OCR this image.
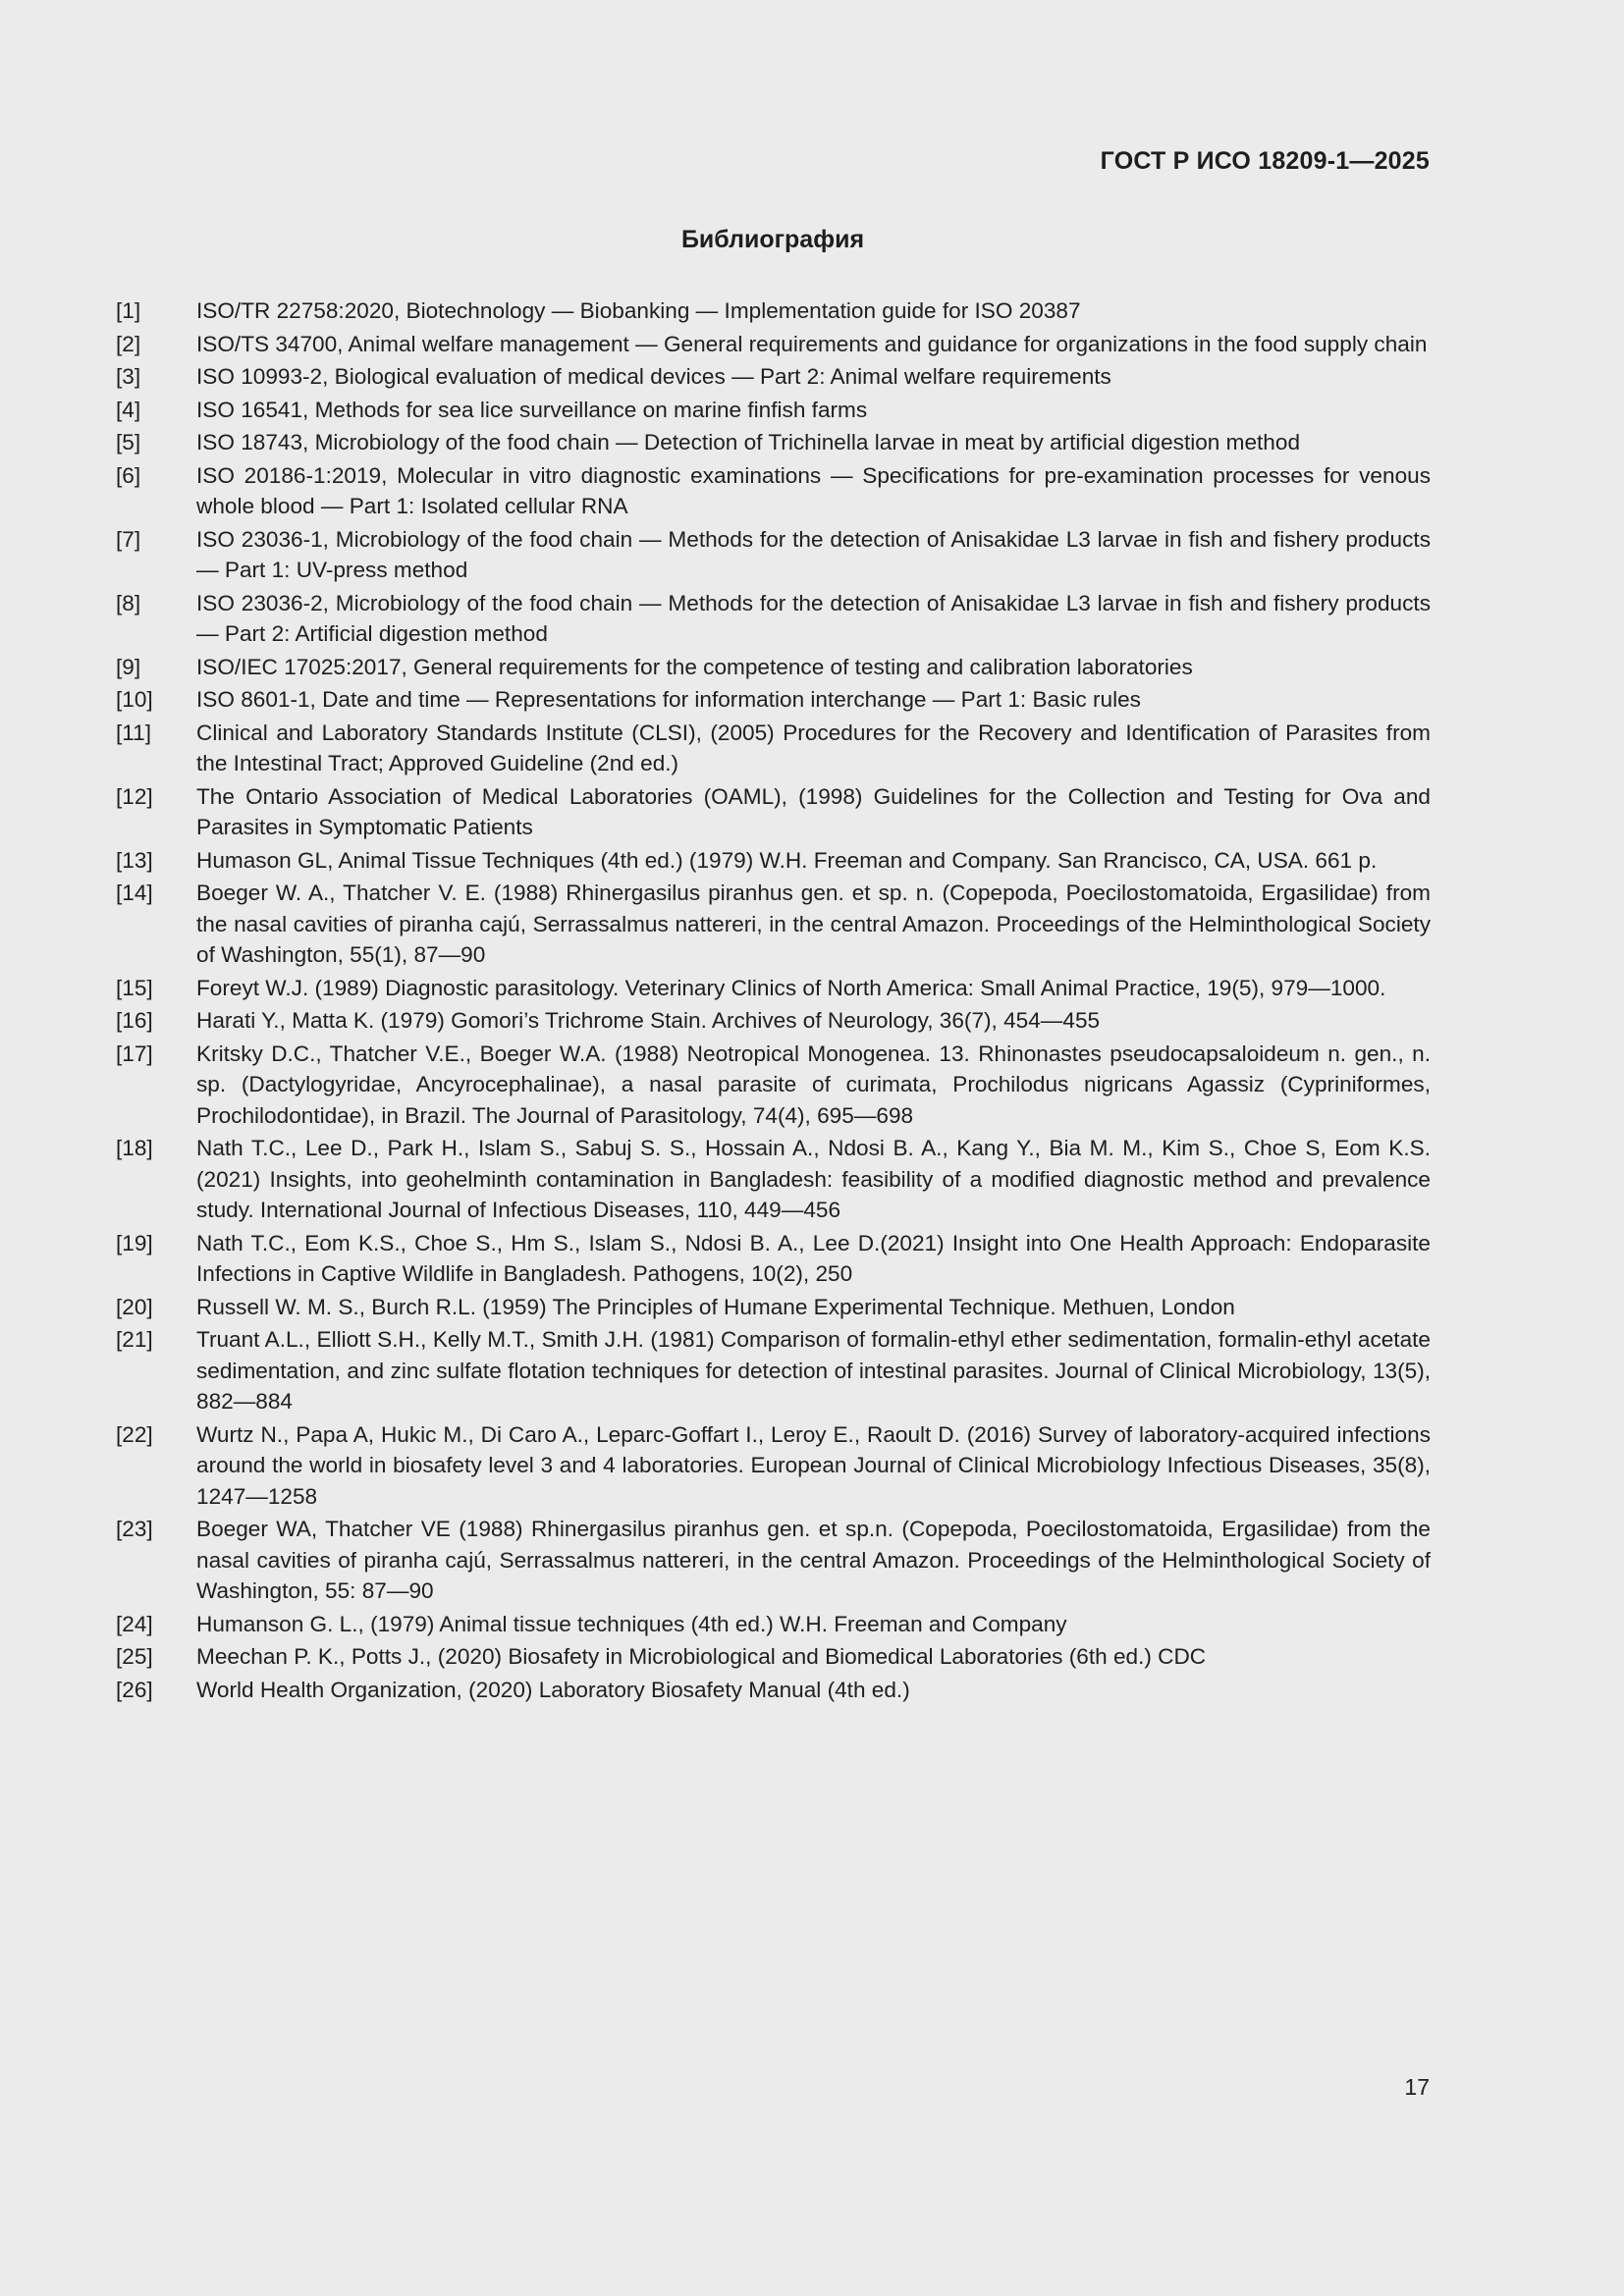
ГОСТ Р ИСО 18209-1—2025
Библиография
[1]	ISO/TR 22758:2020, Biotechnology — Biobanking — Implementation guide for ISO 20387
[2]	ISO/TS 34700, Animal welfare management — General requirements and guidance for organizations in the food supply chain
[3]	ISO 10993-2, Biological evaluation of medical devices — Part 2: Animal welfare requirements
[4]	ISO 16541, Methods for sea lice surveillance on marine finfish farms
[5]	ISO 18743, Microbiology of the food chain — Detection of Trichinella larvae in meat by artificial digestion method
[6]	ISO 20186-1:2019, Molecular in vitro diagnostic examinations — Specifications for pre-examination processes for venous whole blood — Part 1: Isolated cellular RNA
[7]	ISO 23036-1, Microbiology of the food chain — Methods for the detection of Anisakidae L3 larvae in fish and fishery products — Part 1: UV-press method
[8]	ISO 23036-2, Microbiology of the food chain — Methods for the detection of Anisakidae L3 larvae in fish and fishery products — Part 2: Artificial digestion method
[9]	ISO/IEC 17025:2017, General requirements for the competence of testing and calibration laboratories
[10]	ISO 8601-1, Date and time — Representations for information interchange — Part 1: Basic rules
[11]	Clinical and Laboratory Standards Institute (CLSI), (2005) Procedures for the Recovery and Identification of Parasites from the Intestinal Tract; Approved Guideline (2nd ed.)
[12]	The Ontario Association of Medical Laboratories (OAML), (1998) Guidelines for the Collection and Testing for Ova and Parasites in Symptomatic Patients
[13]	Humason GL, Animal Tissue Techniques (4th ed.) (1979) W.H. Freeman and Company. San Rrancisco, CA, USA. 661 p.
[14]	Boeger W. A., Thatcher V. E. (1988) Rhinergasilus piranhus gen. et sp. n. (Copepoda, Poecilostomatoida, Ergasilidae) from the nasal cavities of piranha cajú, Serrassalmus nattereri, in the central Amazon. Proceedings of the Helminthological Society of Washington, 55(1), 87—90
[15]	Foreyt W.J. (1989) Diagnostic parasitology. Veterinary Clinics of North America: Small Animal Practice, 19(5), 979—1000.
[16]	Harati Y., Matta K. (1979) Gomori’s Trichrome Stain. Archives of Neurology, 36(7), 454—455
[17]	Kritsky D.C., Thatcher V.E., Boeger W.A. (1988) Neotropical Monogenea. 13. Rhinonastes pseudocapsaloideum n. gen., n. sp. (Dactylogyridae, Ancyrocephalinae), a nasal parasite of curimata, Prochilodus nigricans Agassiz (Cypriniformes, Prochilodontidae), in Brazil. The Journal of Parasitology, 74(4), 695—698
[18]	Nath T.C., Lee D., Park H., Islam S., Sabuj S. S., Hossain A., Ndosi B. A., Kang Y., Bia M. M., Kim S., Choe S, Eom K.S. (2021) Insights, into geohelminth contamination in Bangladesh: feasibility of a modified diagnostic method and prevalence study. International Journal of Infectious Diseases, 110, 449—456
[19]	Nath T.C., Eom K.S., Choe S., Hm S., Islam S., Ndosi B. A., Lee D.(2021) Insight into One Health Approach: Endoparasite Infections in Captive Wildlife in Bangladesh. Pathogens, 10(2), 250
[20]	Russell W. M. S., Burch R.L. (1959) The Principles of Humane Experimental Technique. Methuen, London
[21]	Truant A.L., Elliott S.H., Kelly M.T., Smith J.H. (1981) Comparison of formalin-ethyl ether sedimentation, formalin-ethyl acetate sedimentation, and zinc sulfate flotation techniques for detection of intestinal parasites. Journal of Clinical Microbiology, 13(5), 882—884
[22]	Wurtz N., Papa A, Hukic M., Di Caro A., Leparc-Goffart I., Leroy E., Raoult D. (2016) Survey of laboratory-acquired infections around the world in biosafety level 3 and 4 laboratories. European Journal of Clinical Microbiology Infectious Diseases, 35(8), 1247—1258
[23]	Boeger WA, Thatcher VE (1988) Rhinergasilus piranhus gen. et sp.n. (Copepoda, Poecilostomatoida, Ergasilidae) from the nasal cavities of piranha cajú, Serrassalmus nattereri, in the central Amazon. Proceedings of the Helminthological Society of Washington, 55: 87—90
[24]	Humanson G. L., (1979) Animal tissue techniques (4th ed.) W.H. Freeman and Company
[25]	Meechan P. K., Potts J., (2020) Biosafety in Microbiological and Biomedical Laboratories (6th ed.) CDC
[26]	World Health Organization, (2020) Laboratory Biosafety Manual (4th ed.)
17
